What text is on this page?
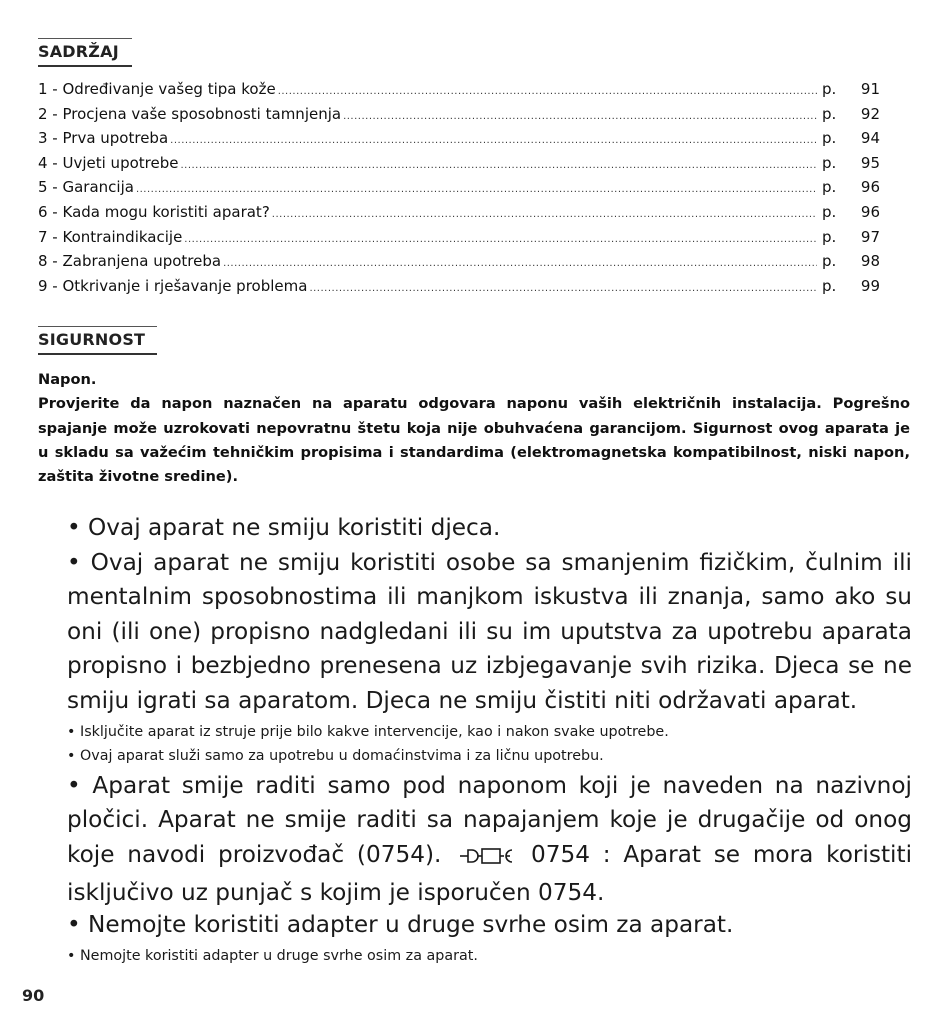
SADRŽAJ
1 - Određivanje vašeg tipa kože .....	p.	91
2 - Procjena vaše sposobnosti tamnjenja .....	p.	92
3 - Prva upotreba .....	p.	94
4 - Uvjeti upotrebe .....	p.	95
5 - Garancija .....	p.	96
6 - Kada mogu koristiti aparat? .....	p.	96
7 - Kontraindikacije .....	p.	97
8 - Zabranjena upotreba .....	p.	98
9 - Otkrivanje i rješavanje problema .....	p.	99
SIGURNOST
Napon.
Provjerite da napon naznačen na aparatu odgovara naponu vaših električnih instalacija. Pogrešno spajanje može uzrokovati nepovratnu štetu koja nije obuhvaćena garancijom. Sigurnost ovog aparata je u skladu sa važećim tehničkim propisima i standardima (elektromagnetska kompatibilnost, niski napon, zaštita životne sredine).
• Ovaj aparat ne smiju koristiti djeca.
• Ovaj aparat ne smiju koristiti osobe sa smanjenim fizičkim, čulnim ili mentalnim sposobnostima ili manjkom iskustva ili znanja, samo ako su oni (ili one) propisno nadgledani ili su im uputstva za upotrebu aparata propisno i bezbjedno prenesena uz izbjegavanje svih rizika. Djeca se ne smiju igrati sa aparatom. Djeca ne smiju čistiti niti održavati aparat.
• Isključite aparat iz struje prije bilo kakve intervencije, kao i nakon svake upotrebe.
• Ovaj aparat služi samo za upotrebu u domaćinstvima i za ličnu upotrebu.
• Aparat smije raditi samo pod naponom koji je naveden na nazivnoj pločici. Aparat ne smije raditi sa napajanjem koje je drugačije od onog koje navodi proizvođač (0754).	0754 : Aparat se mora koristiti isključivo uz punjač s kojim je isporučen 0754.
• Nemojte koristiti adapter u druge svrhe osim za aparat.
• Nemojte koristiti adapter u druge svrhe osim za aparat.
90
